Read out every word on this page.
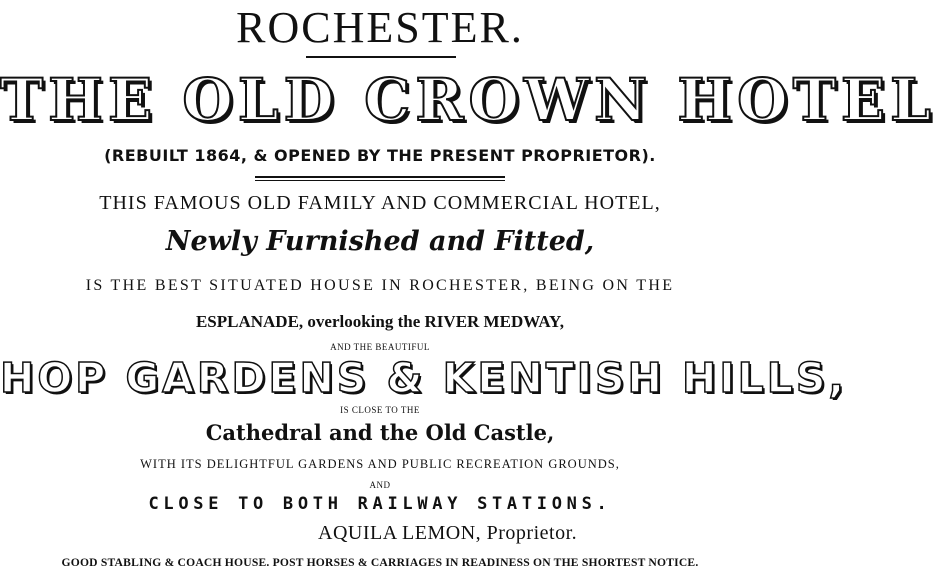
ROCHESTER.
THE OLD CROWN HOTEL
(REBUILT 1864, & OPENED BY THE PRESENT PROPRIETOR).
THIS FAMOUS OLD FAMILY AND COMMERCIAL HOTEL,
Newly Furnished and Fitted,
IS THE BEST SITUATED HOUSE IN ROCHESTER, BEING ON THE
ESPLANADE, overlooking the RIVER MEDWAY,
AND THE BEAUTIFUL
HOP GARDENS & KENTISH HILLS,
IS CLOSE TO THE
Cathedral and the Old Castle,
WITH ITS DELIGHTFUL GARDENS AND PUBLIC RECREATION GROUNDS,
AND
CLOSE TO BOTH RAILWAY STATIONS.
AQUILA LEMON, Proprietor.
GOOD STABLING & COACH HOUSE. POST HORSES & CARRIAGES IN READINESS ON THE SHORTEST NOTICE.
